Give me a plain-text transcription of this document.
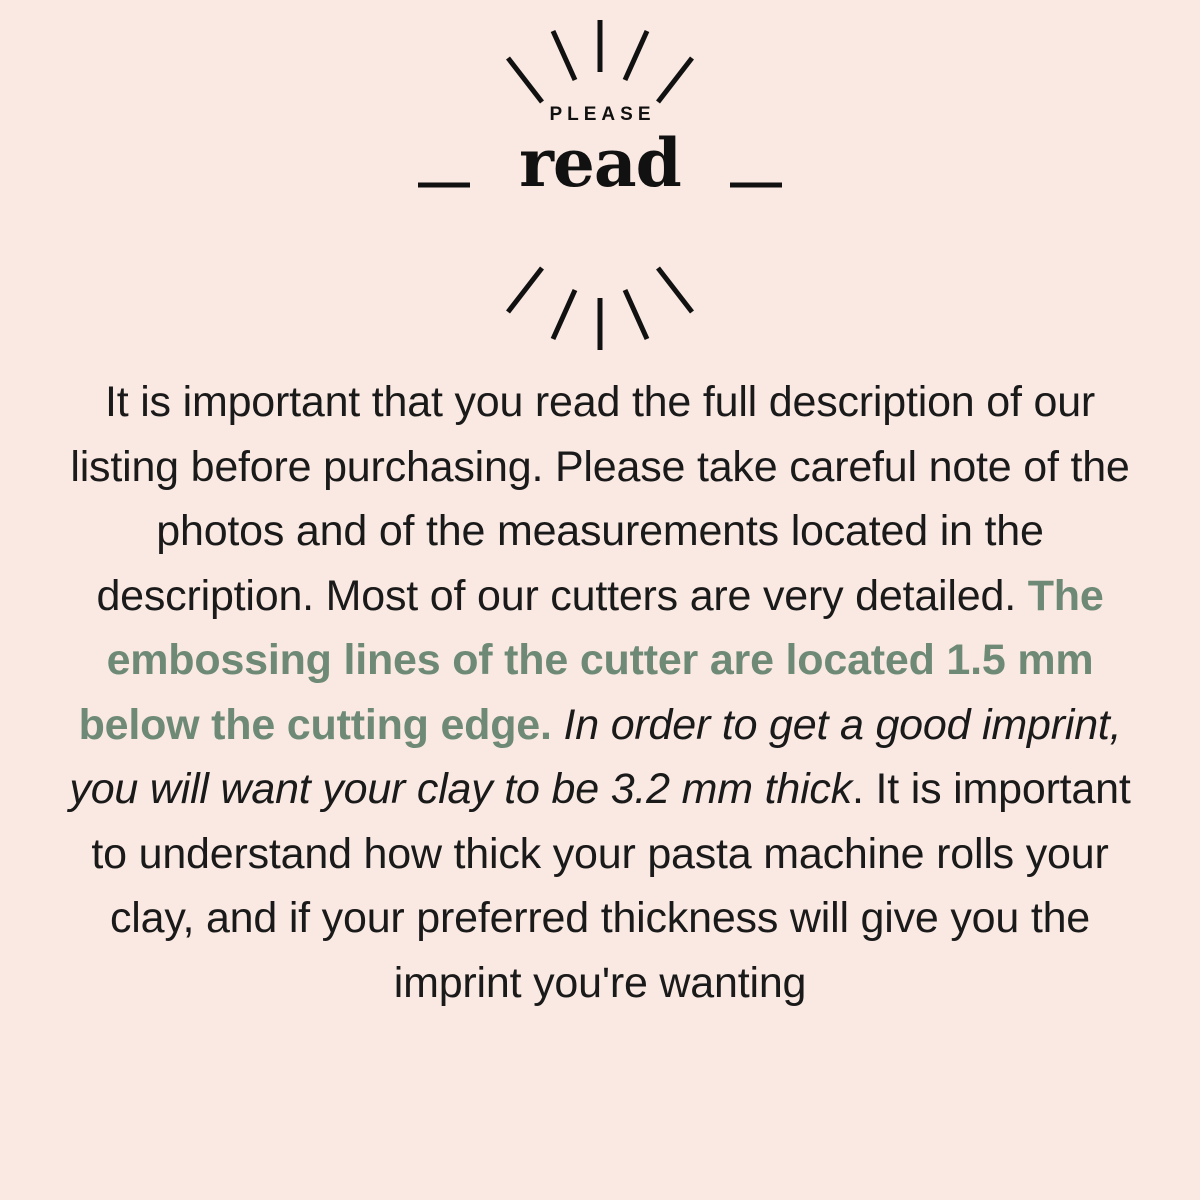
PLEASE
read
It is important that you read the full description of our listing before purchasing. Please take careful note of the photos and of the measurements located in the description. Most of our cutters are very detailed. The embossing lines of the cutter are located 1.5 mm below the cutting edge. In order to get a good imprint, you will want your clay to be 3.2 mm thick. It is important to understand how thick your pasta machine rolls your clay, and if your preferred thickness will give you the imprint you're wanting
